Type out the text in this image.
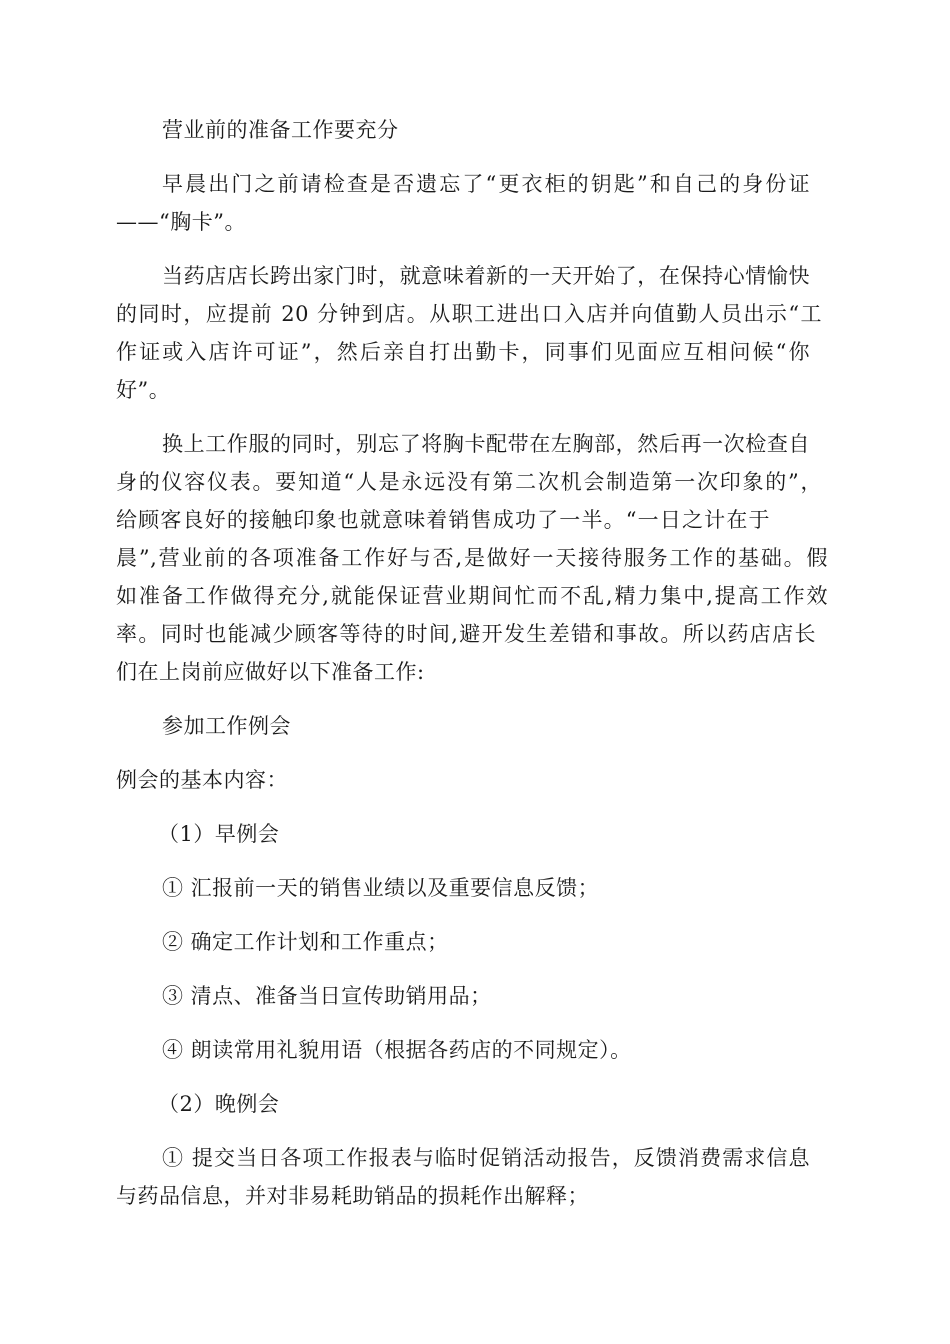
营业前的准备工作要充分
早晨出门之前请检查是否遗忘了“更衣柜的钥匙”和自己的身份证
——“胸卡”。
当药店店长跨出家门时，就意味着新的一天开始了，在保持心情愉快
的同时，应提前 20 分钟到店。从职工进出口入店并向值勤人员出示“工
作证或入店许可证”，然后亲自打出勤卡，同事们见面应互相问候“你
好”。
换上工作服的同时，别忘了将胸卡配带在左胸部，然后再一次检查自
身的仪容仪表。要知道“人是永远没有第二次机会制造第一次印象的”，
给顾客良好的接触印象也就意味着销售成功了一半。“一日之计在于
晨”,营业前的各项准备工作好与否,是做好一天接待服务工作的基础。假
如准备工作做得充分,就能保证营业期间忙而不乱,精力集中,提高工作效
率。同时也能减少顾客等待的时间,避开发生差错和事故。所以药店店长
们在上岗前应做好以下准备工作:
参加工作例会
例会的基本内容：
（1）早例会
① 汇报前一天的销售业绩以及重要信息反馈；
② 确定工作计划和工作重点；
③ 清点、准备当日宣传助销用品；
④ 朗读常用礼貌用语（根据各药店的不同规定）。
（2）晚例会
① 提交当日各项工作报表与临时促销活动报告，反馈消费需求信息
与药品信息，并对非易耗助销品的损耗作出解释；
